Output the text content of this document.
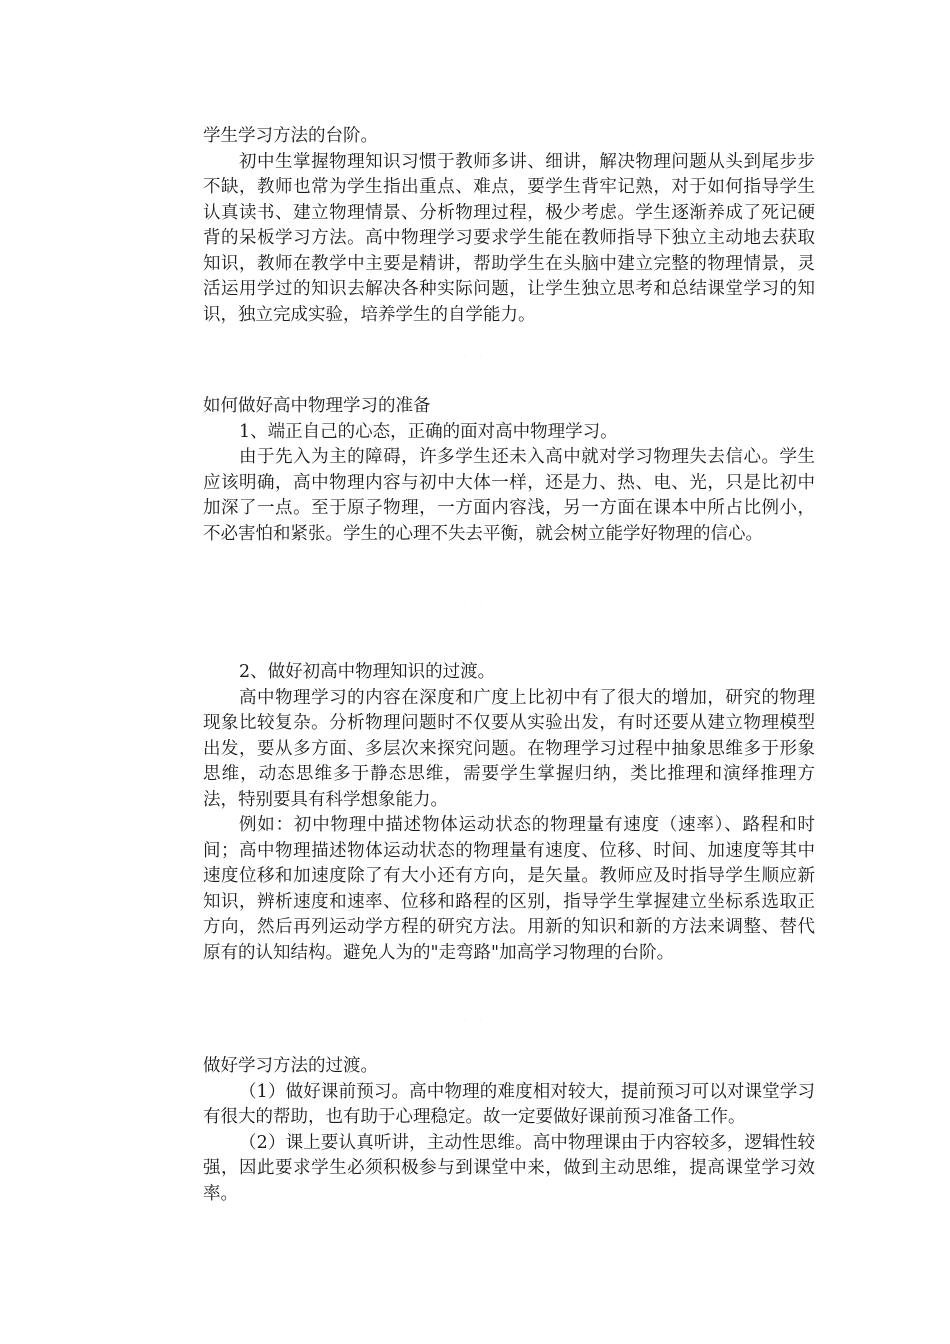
学生学习方法的台阶。

初中生掌握物理知识习惯于教师多讲、细讲，解决物理问题从头到尾步步不缺，教师也常为学生指出重点、难点，要学生背牢记熟，对于如何指导学生认真读书、建立物理情景、分析物理过程，极少考虑。学生逐渐养成了死记硬背的呆板学习方法。高中物理学习要求学生能在教师指导下独立主动地去获取知识，教师在教学中主要是精讲，帮助学生在头脑中建立完整的物理情景，灵活运用学过的知识去解决各种实际问题，让学生独立思考和总结课堂学习的知识，独立完成实验，培养学生的自学能力。

· ·

如何做好高中物理学习的准备

1、端正自己的心态，正确的面对高中物理学习。

由于先入为主的障碍，许多学生还未入高中就对学习物理失去信心。学生应该明确，高中物理内容与初中大体一样，还是力、热、电、光，只是比初中加深了一点。至于原子物理，一方面内容浅，另一方面在课本中所占比例小，不必害怕和紧张。学生的心理不失去平衡，就会树立能学好物理的信心。

· ·

2、做好初高中物理知识的过渡。

高中物理学习的内容在深度和广度上比初中有了很大的增加，研究的物理现象比较复杂。分析物理问题时不仅要从实验出发，有时还要从建立物理模型出发，要从多方面、多层次来探究问题。在物理学习过程中抽象思维多于形象思维，动态思维多于静态思维，需要学生掌握归纳，类比推理和演绎推理方法，特别要具有科学想象能力。

例如：初中物理中描述物体运动状态的物理量有速度（速率）、路程和时间；高中物理描述物体运动状态的物理量有速度、位移、时间、加速度等其中速度位移和加速度除了有大小还有方向，是矢量。教师应及时指导学生顺应新知识，辨析速度和速率、位移和路程的区别，指导学生掌握建立坐标系选取正方向，然后再列运动学方程的研究方法。用新的知识和新的方法来调整、替代原有的认知结构。避免人为的"走弯路"加高学习物理的台阶。

· ·

做好学习方法的过渡。

（1）做好课前预习。高中物理的难度相对较大，提前预习可以对课堂学习有很大的帮助，也有助于心理稳定。故一定要做好课前预习准备工作。

（2）课上要认真听讲，主动性思维。高中物理课由于内容较多，逻辑性较强，因此要求学生必须积极参与到课堂中来，做到主动思维，提高课堂学习效率。
